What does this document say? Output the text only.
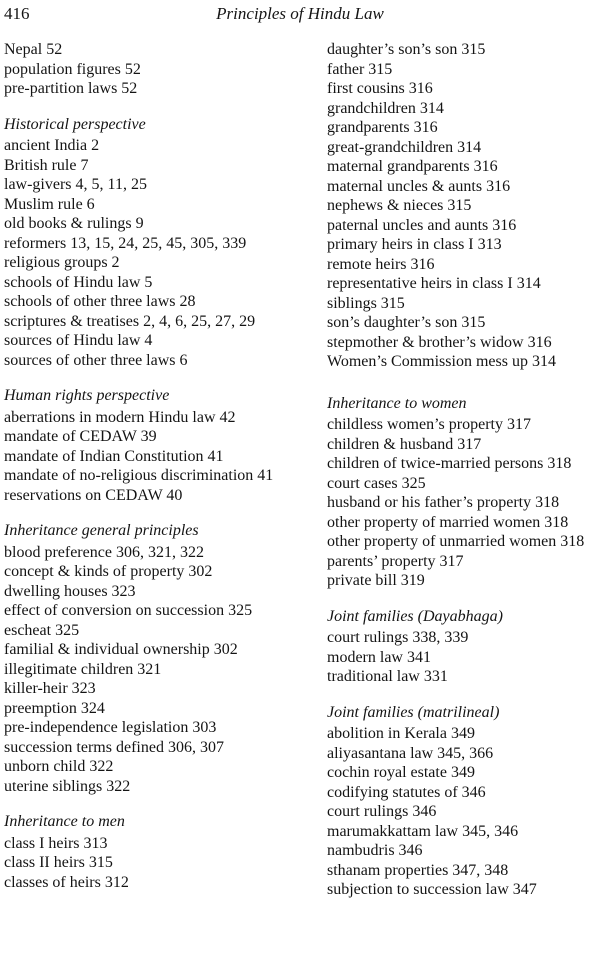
416	Principles of Hindu Law
Nepal 52
population figures 52
pre-partition laws 52
Historical perspective
ancient India 2
British rule 7
law-givers 4, 5, 11, 25
Muslim rule 6
old books & rulings 9
reformers 13, 15, 24, 25, 45, 305, 339
religious groups 2
schools of Hindu law 5
schools of other three laws 28
scriptures & treatises 2, 4, 6, 25, 27, 29
sources of Hindu law 4
sources of other three laws 6
Human rights perspective
aberrations in modern Hindu law 42
mandate of CEDAW 39
mandate of Indian Constitution 41
mandate of no-religious discrimination 41
reservations on CEDAW 40
Inheritance general principles
blood preference 306, 321, 322
concept & kinds of property 302
dwelling houses 323
effect of conversion on succession 325
escheat 325
familial & individual ownership 302
illegitimate children 321
killer-heir 323
preemption 324
pre-independence legislation 303
succession terms defined 306, 307
unborn child 322
uterine siblings 322
Inheritance to men
class I heirs 313
class II heirs 315
classes of heirs 312
daughter’s son’s son 315
father 315
first cousins 316
grandchildren 314
grandparents 316
great-grandchildren 314
maternal grandparents 316
maternal uncles & aunts 316
nephews & nieces 315
paternal uncles and aunts 316
primary heirs in class I 313
remote heirs 316
representative heirs in class I 314
siblings 315
son’s daughter’s son 315
stepmother & brother’s widow 316
Women’s Commission mess up 314
Inheritance to women
childless women’s property 317
children & husband 317
children of twice-married persons 318
court cases 325
husband or his father’s property 318
other property of married women 318
other property of unmarried women 318
parents’ property 317
private bill 319
Joint families (Dayabhaga)
court rulings 338, 339
modern law 341
traditional law 331
Joint families (matrilineal)
abolition in Kerala 349
aliyasantana law 345, 366
cochin royal estate 349
codifying statutes of 346
court rulings 346
marumakkattam law 345, 346
nambudris 346
sthanam properties 347, 348
subjection to succession law 347
